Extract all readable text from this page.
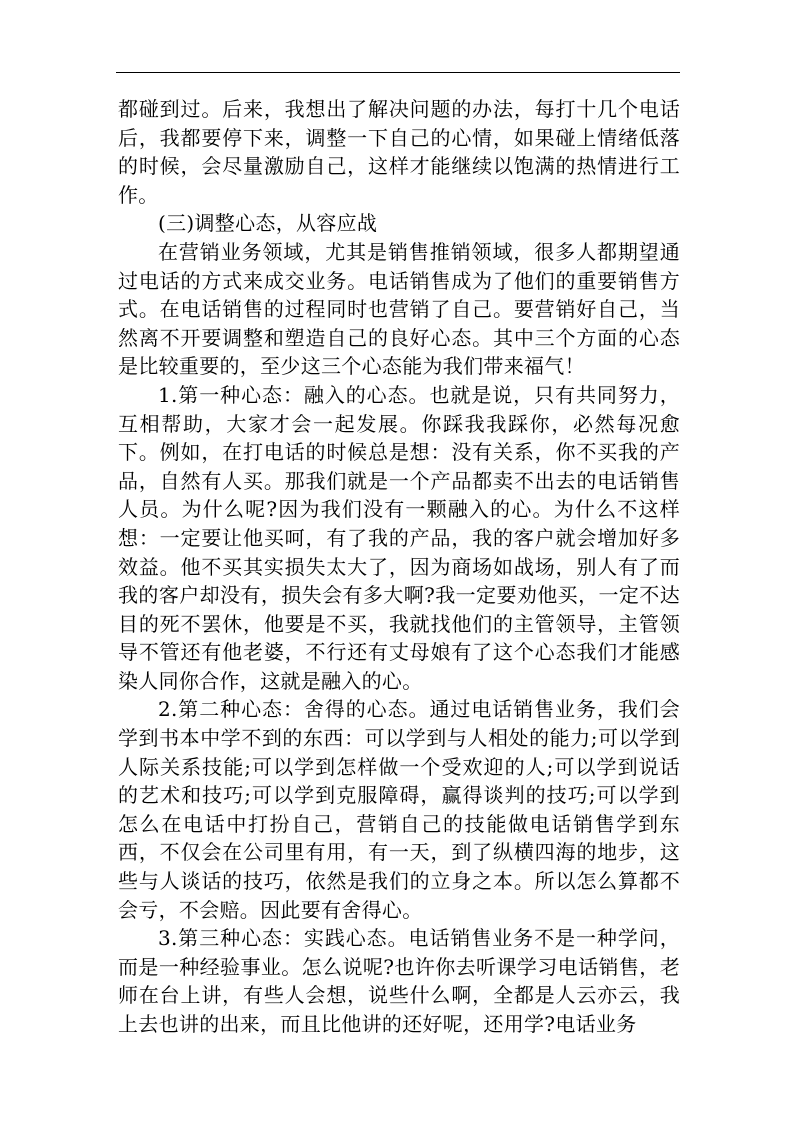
都碰到过。后来，我想出了解决问题的办法，每打十几个电话后，我都要停下来，调整一下自己的心情，如果碰上情绪低落的时候，会尽量激励自己，这样才能继续以饱满的热情进行工作。

(三)调整心态，从容应战

在营销业务领域，尤其是销售推销领域，很多人都期望通过电话的方式来成交业务。电话销售成为了他们的重要销售方式。在电话销售的过程同时也营销了自己。要营销好自己，当然离不开要调整和塑造自己的良好心态。其中三个方面的心态是比较重要的，至少这三个心态能为我们带来福气！

1.第一种心态：融入的心态。也就是说，只有共同努力，互相帮助，大家才会一起发展。你踩我我踩你，必然每况愈下。例如，在打电话的时候总是想：没有关系，你不买我的产品，自然有人买。那我们就是一个产品都卖不出去的电话销售人员。为什么呢?因为我们没有一颗融入的心。为什么不这样想：一定要让他买呵，有了我的产品，我的客户就会增加好多效益。他不买其实损失太大了，因为商场如战场，别人有了而我的客户却没有，损失会有多大啊?我一定要劝他买，一定不达目的死不罢休，他要是不买，我就找他们的主管领导，主管领导不管还有他老婆，不行还有丈母娘有了这个心态我们才能感染人同你合作，这就是融入的心。

2.第二种心态：舍得的心态。通过电话销售业务，我们会学到书本中学不到的东西：可以学到与人相处的能力;可以学到人际关系技能;可以学到怎样做一个受欢迎的人;可以学到说话的艺术和技巧;可以学到克服障碍，赢得谈判的技巧;可以学到怎么在电话中打扮自己，营销自己的技能做电话销售学到东西，不仅会在公司里有用，有一天，到了纵横四海的地步，这些与人谈话的技巧，依然是我们的立身之本。所以怎么算都不会亏，不会赔。因此要有舍得心。

3.第三种心态：实践心态。电话销售业务不是一种学问，而是一种经验事业。怎么说呢?也许你去听课学习电话销售，老师在台上讲，有些人会想，说些什么啊，全都是人云亦云，我上去也讲的出来，而且比他讲的还好呢，还用学?电话业务
